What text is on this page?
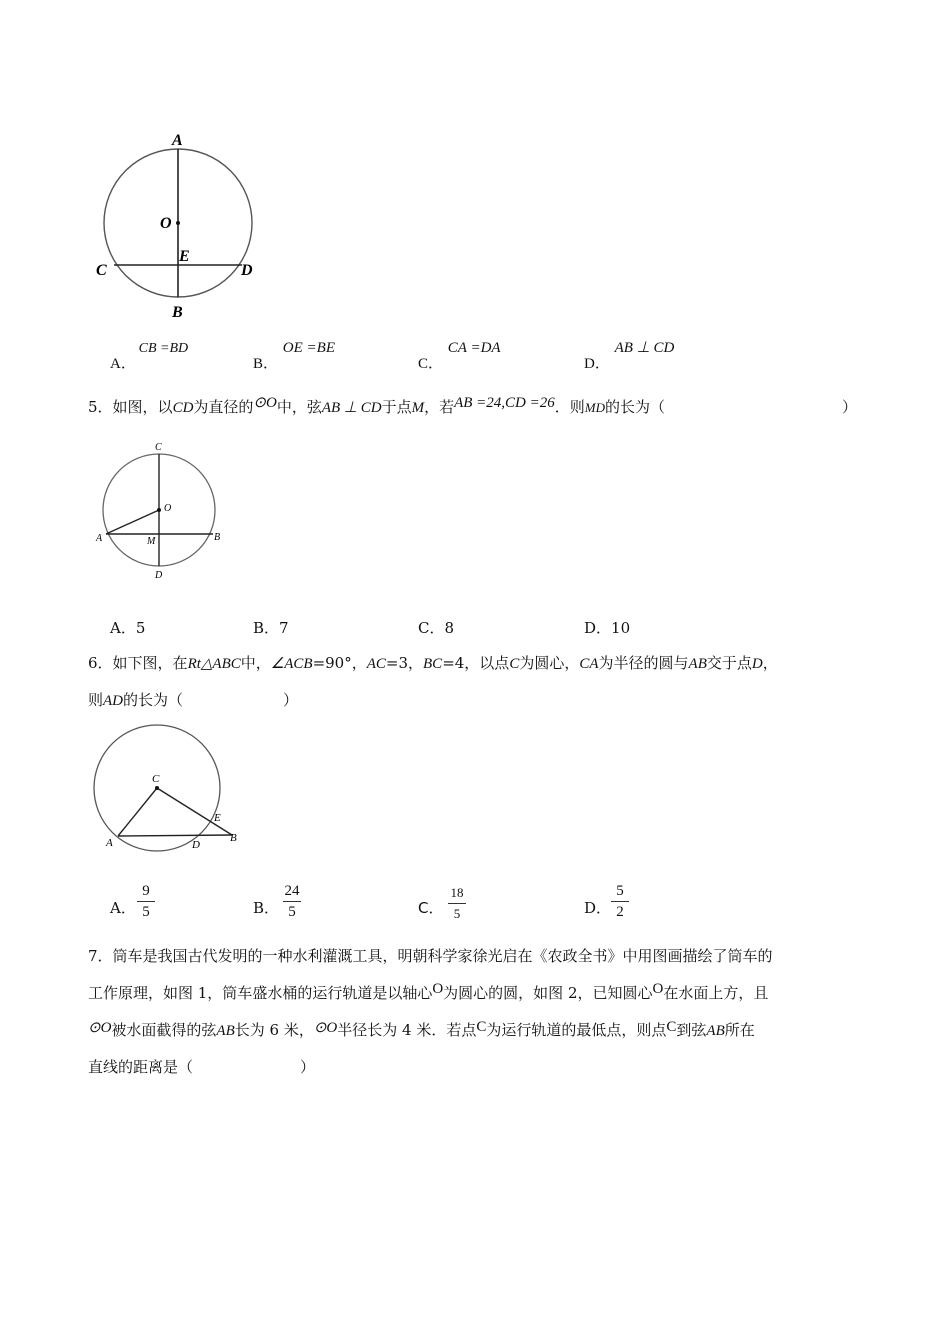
A
O
E
C	D
B
A． CB =BD
B． OE =BE
C． CA =DA
D． AB ⊥ CD
5．如图，以CD为直径的⊙O中，弦AB ⊥ CD于点M，若AB =24,CD =26．则MD的长为（	）
C
O
A	M	B
D
A．5	B．7	C．8	D．10
6．如下图，在Rt△ABC中，∠ACB=90°，AC=3，BC=4，以点C为圆心，CA为半径的圆与AB交于点D，
则AD的长为（	）
C
E
A	D
B
A．
9
5	B．
24
5	C．
18
5	D．
5
2
7．筒车是我国古代发明的一种水利灌溉工具，明朝科学家徐光启在《农政全书》中用图画描绘了筒车的
工作原理，如图 1，筒车盛水桶的运行轨道是以轴心O为圆心的圆，如图 2，已知圆心O在水面上方，且
⊙O被水面截得的弦AB长为 6 米，⊙O半径长为 4 米．若点C为运行轨道的最低点，则点C到弦AB所在
直线的距离是（	）
